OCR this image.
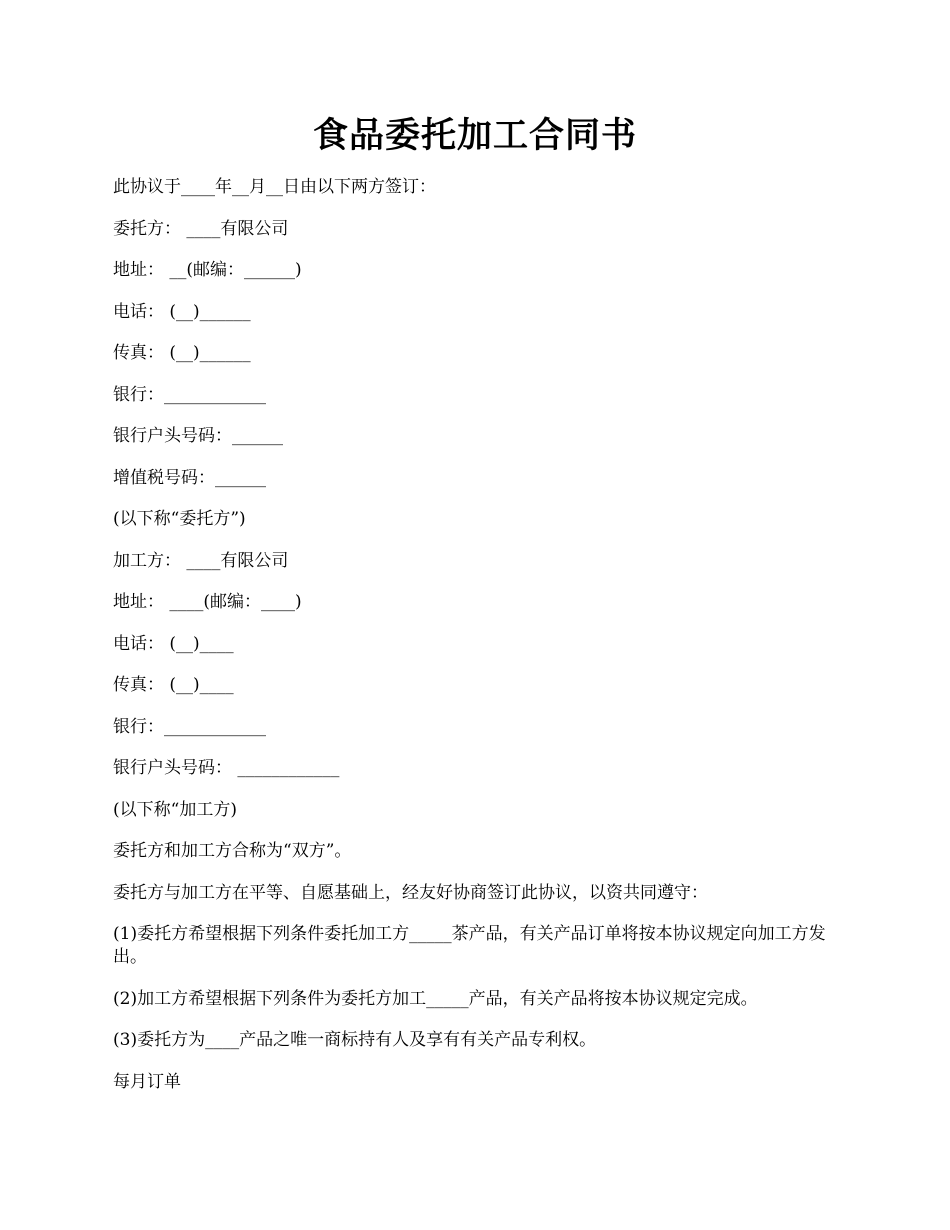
食品委托加工合同书

此协议于____年__月__日由以下两方签订：

委托方： ____有限公司

地址： __(邮编：______)

电话： (__)______

传真： (__)______

银行：____________

银行户头号码：______

增值税号码：______

(以下称“委托方”)

加工方： ____有限公司

地址： ____(邮编：____)

电话： (__)____

传真： (__)____

银行：____________

银行户头号码： ____________

(以下称“加工方)

委托方和加工方合称为“双方”。

委托方与加工方在平等、自愿基础上，经友好协商签订此协议，以资共同遵守：

(1)委托方希望根据下列条件委托加工方_____茶产品，有关产品订单将按本协议规定向加工方发出。

(2)加工方希望根据下列条件为委托方加工_____产品，有关产品将按本协议规定完成。

(3)委托方为____产品之唯一商标持有人及享有有关产品专利权。

每月订单
